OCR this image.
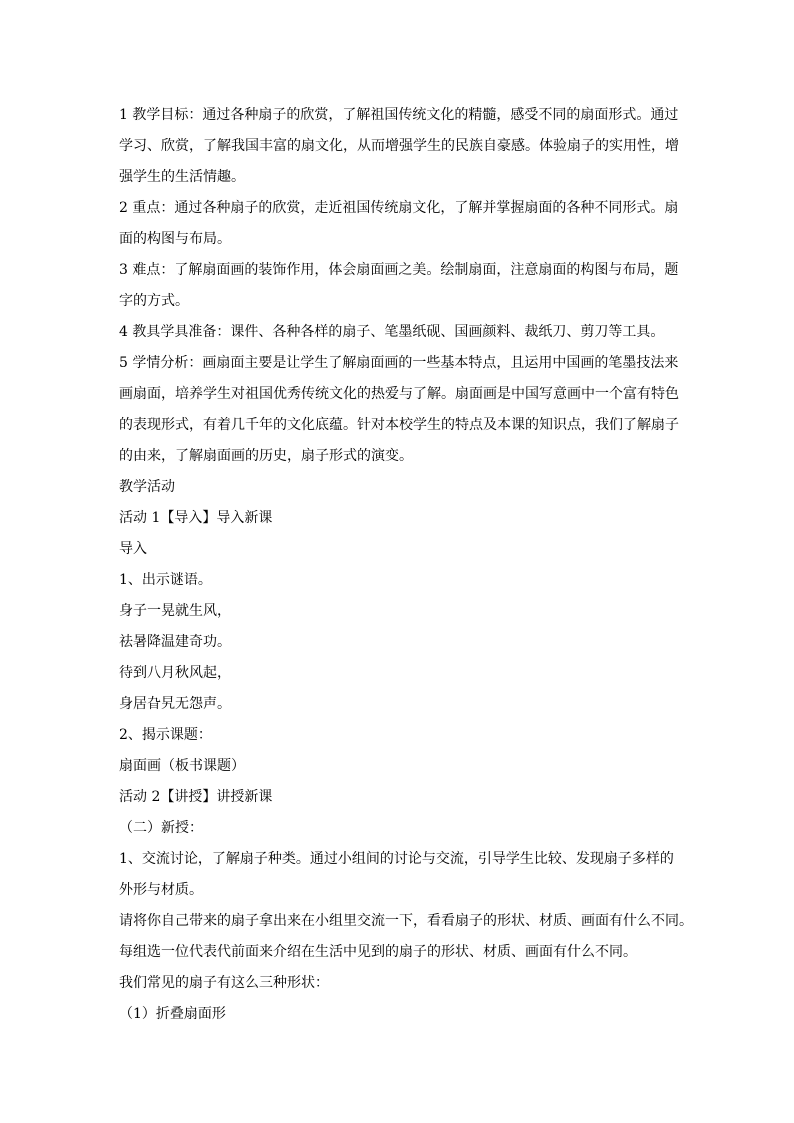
1 教学目标：通过各种扇子的欣赏，了解祖国传统文化的精髓，感受不同的扇面形式。通过
学习、欣赏，了解我国丰富的扇文化，从而增强学生的民族自豪感。体验扇子的实用性，增
强学生的生活情趣。
2 重点：通过各种扇子的欣赏，走近祖国传统扇文化，了解并掌握扇面的各种不同形式。扇
面的构图与布局。
3 难点：了解扇面画的装饰作用，体会扇面画之美。绘制扇面，注意扇面的构图与布局，题
字的方式。
4 教具学具准备：课件、各种各样的扇子、笔墨纸砚、国画颜料、裁纸刀、剪刀等工具。
5 学情分析：画扇面主要是让学生了解扇面画的一些基本特点，且运用中国画的笔墨技法来
画扇面，培养学生对祖国优秀传统文化的热爱与了解。扇面画是中国写意画中一个富有特色
的表现形式，有着几千年的文化底蕴。针对本校学生的特点及本课的知识点，我们了解扇子
的由来，了解扇面画的历史，扇子形式的演变。
教学活动
活动 1【导入】导入新课
导入
1、出示谜语。
身子一晃就生风，
祛暑降温建奇功。
待到八月秋风起，
身居旮旯无怨声。
2、揭示课题：
扇面画（板书课题）
活动 2【讲授】讲授新课
（二）新授：
1、交流讨论，了解扇子种类。通过小组间的讨论与交流，引导学生比较、发现扇子多样的
外形与材质。
请将你自己带来的扇子拿出来在小组里交流一下，看看扇子的形状、材质、画面有什么不同。
每组选一位代表代前面来介绍在生活中见到的扇子的形状、材质、画面有什么不同。
我们常见的扇子有这么三种形状：
（1）折叠扇面形
